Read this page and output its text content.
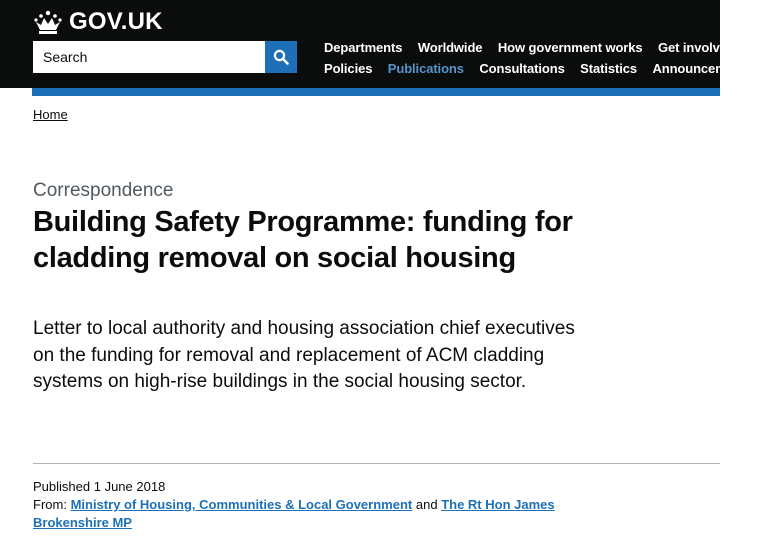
GOV.UK
Search
Departments Worldwide How government works Get involved
Policies Publications Consultations Statistics Announcements
Home
Correspondence
Building Safety Programme: funding for cladding removal on social housing

Letter to local authority and housing association chief executives on the funding for removal and replacement of ACM cladding systems on high-rise buildings in the social housing sector.

Published 1 June 2018
From: Ministry of Housing, Communities & Local Government and The Rt Hon James Brokenshire MP
